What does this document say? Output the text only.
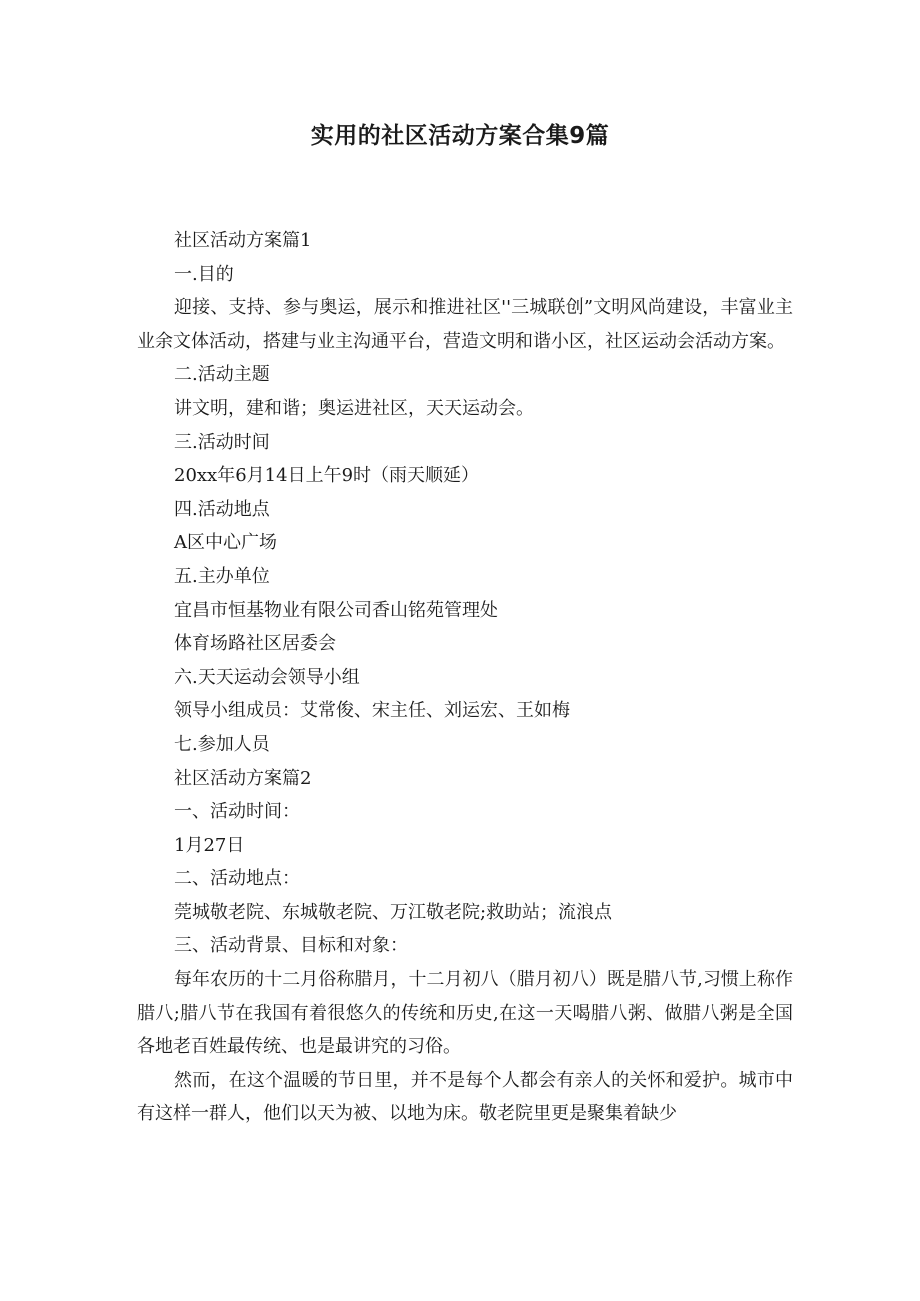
实用的社区活动方案合集9篇

社区活动方案篇1

一.目的

迎接、支持、参与奥运，展示和推进社区''三城联创”文明风尚建设，丰富业主业余文体活动，搭建与业主沟通平台，营造文明和谐小区，社区运动会活动方案。

二.活动主题

讲文明，建和谐；奥运进社区，天天运动会。

三.活动时间

20xx年6月14日上午9时（雨天顺延）

四.活动地点

A区中心广场

五.主办单位

宜昌市恒基物业有限公司香山铭苑管理处

体育场路社区居委会

六.天天运动会领导小组

领导小组成员：艾常俊、宋主任、刘运宏、王如梅

七.参加人员

社区活动方案篇2

一、活动时间：

1月27日

二、活动地点：

莞城敬老院、东城敬老院、万江敬老院;救助站；流浪点

三、活动背景、目标和对象：

每年农历的十二月俗称腊月，十二月初八（腊月初八）既是腊八节,习惯上称作腊八;腊八节在我国有着很悠久的传统和历史,在这一天喝腊八粥、做腊八粥是全国各地老百姓最传统、也是最讲究的习俗。

然而，在这个温暖的节日里，并不是每个人都会有亲人的关怀和爱护。城市中有这样一群人，他们以天为被、以地为床。敬老院里更是聚集着缺少
